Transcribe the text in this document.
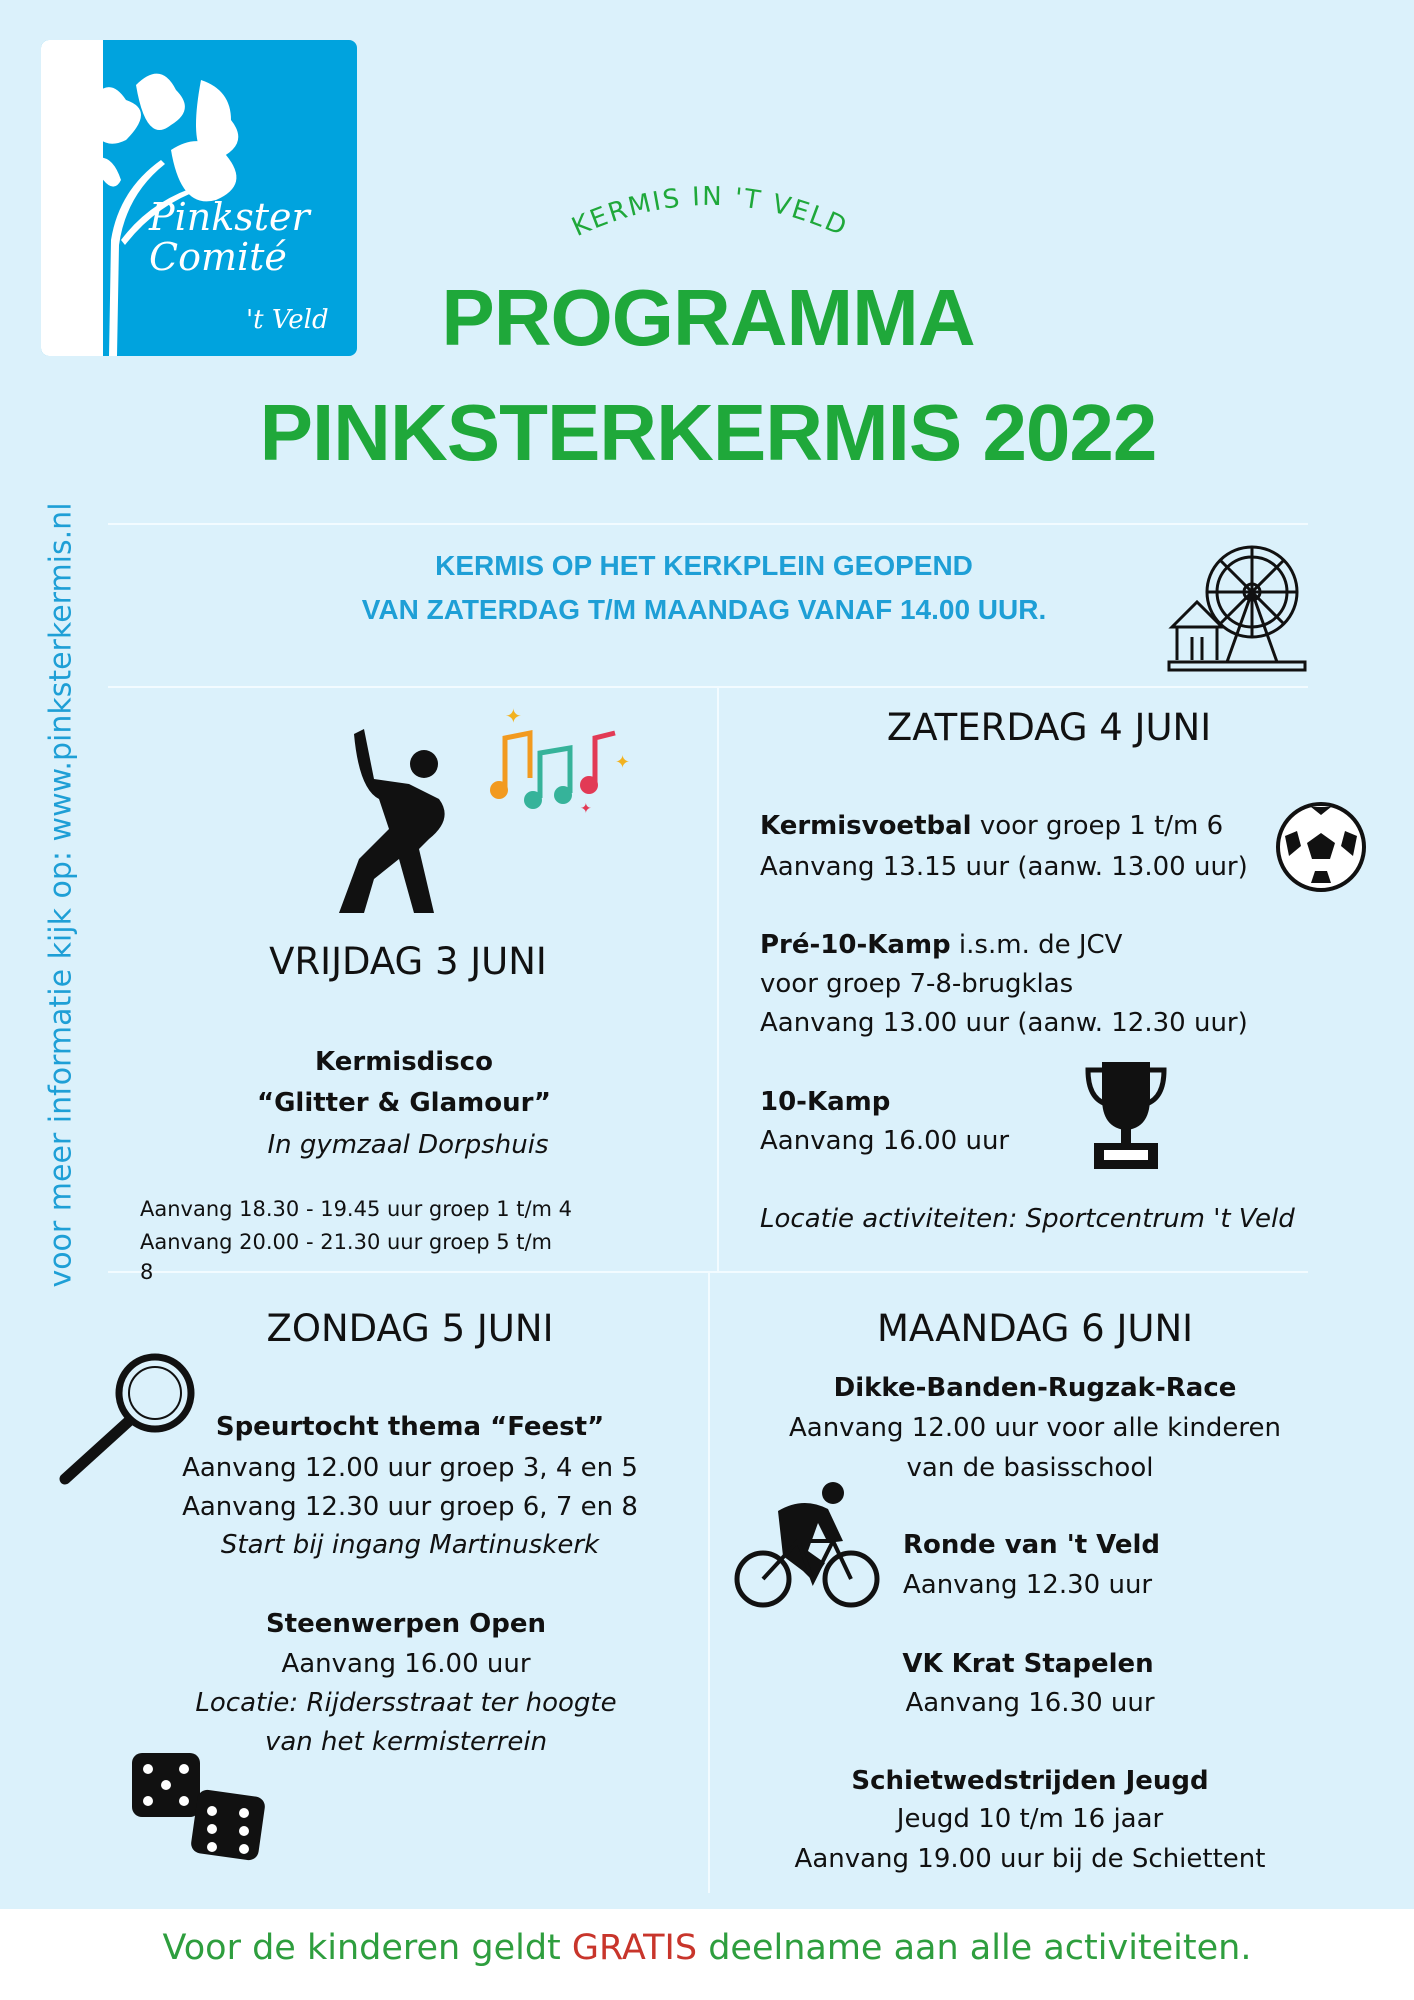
Pinkster
Comité
't Veld
KERMIS IN 'T VELD
PROGRAMMA
PINKSTERKERMIS 2022
voor meer informatie kijk op: www.pinksterkermis.nl	KERMIS OP HET KERKPLEIN GEOPEND
VAN ZATERDAG T/M MAANDAG VANAF 14.00 UUR.
✦
✦
✦
VRIJDAG 3 JUNI
Kermisdisco
“Glitter & Glamour”
In gymzaal Dorpshuis
Aanvang 18.30 - 19.45 uur groep 1 t/m 4
Aanvang 20.00 - 21.30 uur groep 5 t/m
8
ZATERDAG 4 JUNI
Kermisvoetbal voor groep 1 t/m 6
Aanvang 13.15 uur (aanw. 13.00 uur)
Pré-10-Kamp i.s.m. de JCV
voor groep 7-8-brugklas
Aanvang 13.00 uur (aanw. 12.30 uur)
10-Kamp
Aanvang 16.00 uur
Locatie activiteiten: Sportcentrum 't Veld
ZONDAG 5 JUNI
Speurtocht thema “Feest”
Aanvang 12.00 uur groep 3, 4 en 5
Aanvang 12.30 uur groep 6, 7 en 8
Start bij ingang Martinuskerk
Steenwerpen Open
Aanvang 16.00 uur
Locatie: Rijdersstraat ter hoogte
van het kermisterrein
MAANDAG 6 JUNI
Dikke-Banden-Rugzak-Race
Aanvang 12.00 uur voor alle kinderen
van de basisschool
Ronde van 't Veld
Aanvang 12.30 uur
VK Krat Stapelen
Aanvang 16.30 uur
Schietwedstrijden Jeugd
Jeugd 10 t/m 16 jaar
Aanvang 19.00 uur bij de Schiettent
Voor de kinderen geldt GRATIS deelname aan alle activiteiten.
